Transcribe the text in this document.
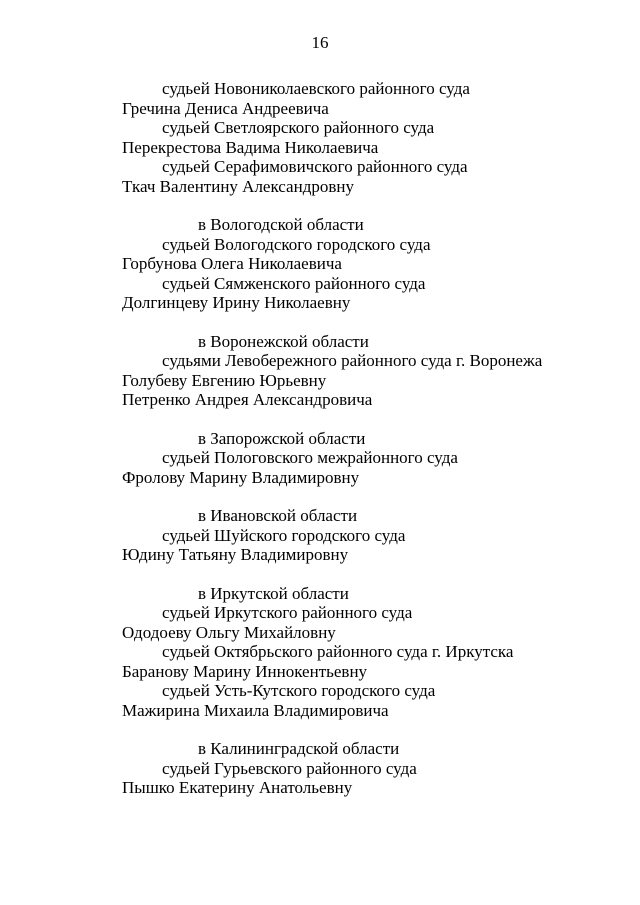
16
судьей Новониколаевского районного суда
Гречина Дениса Андреевича
судьей Светлоярского районного суда
Перекрестова Вадима Николаевича
судьей Серафимовичского районного суда
Ткач Валентину Александровну
в Вологодской области
судьей Вологодского городского суда
Горбунова Олега Николаевича
судьей Сямженского районного суда
Долгинцеву Ирину Николаевну
в Воронежской области
судьями Левобережного районного суда г. Воронежа
Голубеву Евгению Юрьевну
Петренко Андрея Александровича
в Запорожской области
судьей Пологовского межрайонного суда
Фролову Марину Владимировну
в Ивановской области
судьей Шуйского городского суда
Юдину Татьяну Владимировну
в Иркутской области
судьей Иркутского районного суда
Ододоеву Ольгу Михайловну
судьей Октябрьского районного суда г. Иркутска
Баранову Марину Иннокентьевну
судьей Усть-Кутского городского суда
Мажирина Михаила Владимировича
в Калининградской области
судьей Гурьевского районного суда
Пышко Екатерину Анатольевну
